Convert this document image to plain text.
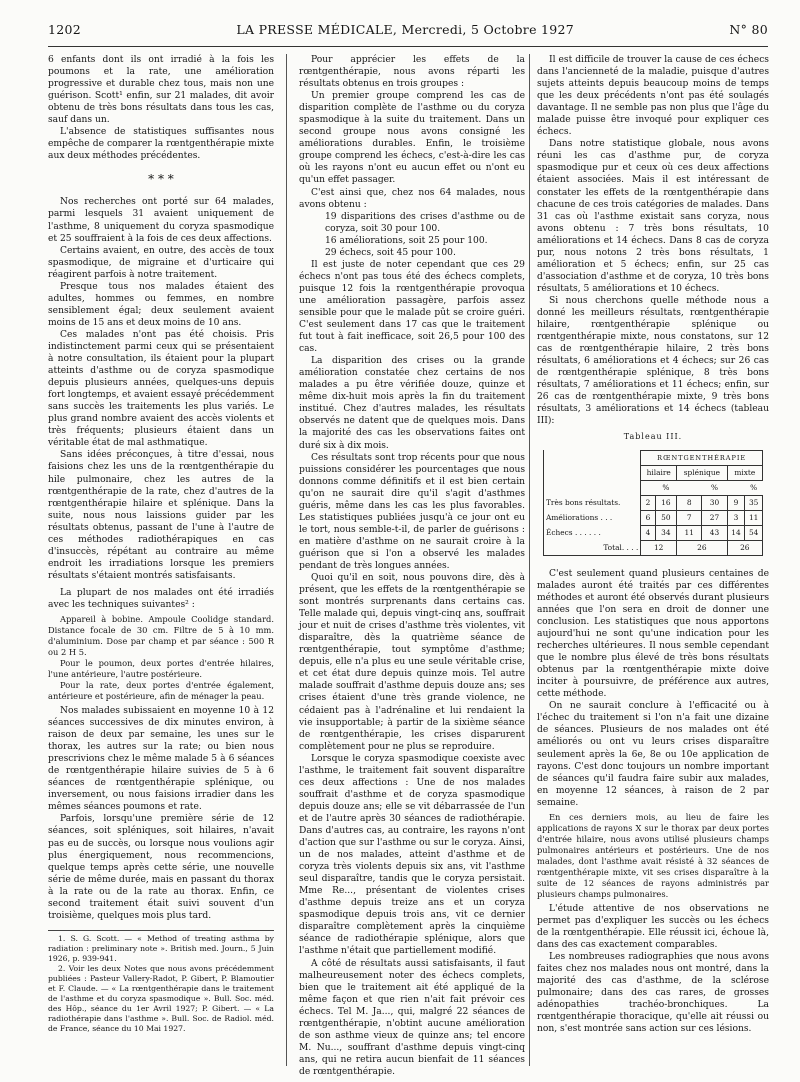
1202	LA PRESSE MÉDICALE, Mercredi, 5 Octobre 1927	N° 80

6 enfants dont ils ont irradié à la fois les poumons et la rate, une amélioration progressive et durable chez tous, mais non une guérison. Scott¹ enfin, sur 21 malades, dit avoir obtenu de très bons résultats dans tous les cas, sauf dans un.

L'absence de statistiques suffisantes nous empêche de comparer la rœntgenthérapie mixte aux deux méthodes précédentes.

* * *

Nos recherches ont porté sur 64 malades, parmi lesquels 31 avaient uniquement de l'asthme, 8 uniquement du coryza spasmodique et 25 souffraient à la fois de ces deux affections.

Certains avaient, en outre, des accès de toux spasmodique, de migraine et d'urticaire qui réagirent parfois à notre traitement.

Presque tous nos malades étaient des adultes, hommes ou femmes, en nombre sensiblement égal; deux seulement avaient moins de 15 ans et deux moins de 10 ans.

Ces malades n'ont pas été choisis. Pris indistinctement parmi ceux qui se présentaient à notre consultation, ils étaient pour la plupart atteints d'asthme ou de coryza spasmodique depuis plusieurs années, quelques-uns depuis fort longtemps, et avaient essayé précédemment sans succès les traitements les plus variés. Le plus grand nombre avaient des accès violents et très fréquents; plusieurs étaient dans un véritable état de mal asthmatique.

Sans idées préconçues, à titre d'essai, nous faisions chez les uns de la rœntgenthérapie du hile pulmonaire, chez les autres de la rœntgenthérapie de la rate, chez d'autres de la rœntgenthérapie hilaire et splénique. Dans la suite, nous nous laissions guider par les résultats obtenus, passant de l'une à l'autre de ces méthodes radiothérapiques en cas d'insuccès, répétant au contraire au même endroit les irradiations lorsque les premiers résultats s'étaient montrés satisfaisants.

La plupart de nos malades ont été irradiés avec les techniques suivantes² :

Appareil à bobine. Ampoule Coolidge standard. Distance focale de 30 cm. Filtre de 5 à 10 mm. d'aluminium. Dose par champ et par séance : 500 R ou 2 H 5.

Pour le poumon, deux portes d'entrée hilaires, l'une antérieure, l'autre postérieure.

Pour la rate, deux portes d'entrée également, antérieure et postérieure, afin de ménager la peau.

Nos malades subissaient en moyenne 10 à 12 séances successives de dix minutes environ, à raison de deux par semaine, les unes sur le thorax, les autres sur la rate; ou bien nous prescrivions chez le même malade 5 à 6 séances de rœntgenthérapie hilaire suivies de 5 à 6 séances de rœntgenthérapie splénique, ou inversement, ou nous faisions irradier dans les mêmes séances poumons et rate.

Parfois, lorsqu'une première série de 12 séances, soit spléniques, soit hilaires, n'avait pas eu de succès, ou lorsque nous voulions agir plus énergiquement, nous recommencions, quelque temps après cette série, une nouvelle série de même durée, mais en passant du thorax à la rate ou de la rate au thorax. Enfin, ce second traitement était suivi souvent d'un troisième, quelques mois plus tard.

1. S. G. Scott. — « Method of treating asthma by radiation : preliminary note ». British med. Journ., 5 Juin 1926, p. 939-941.

2. Voir les deux Notes que nous avons précédemment publiées : Pasteur Vallery-Radot, P. Gibert, P. Blamoutier et F. Claude. — « La rœntgenthérapie dans le traitement de l'asthme et du coryza spasmodique ». Bull. Soc. méd. des Hôp., séance du 1er Avril 1927; P. Gibert. — « La radiothérapie dans l'asthme ». Bull. Soc. de Radiol. méd. de France, séance du 10 Mai 1927.

Pour apprécier les effets de la rœntgenthérapie, nous avons réparti les résultats obtenus en trois groupes :

Un premier groupe comprend les cas de disparition complète de l'asthme ou du coryza spasmodique à la suite du traitement. Dans un second groupe nous avons consigné les améliorations durables. Enfin, le troisième groupe comprend les échecs, c'est-à-dire les cas où les rayons n'ont eu aucun effet ou n'ont eu qu'un effet passager.

C'est ainsi que, chez nos 64 malades, nous avons obtenu :

19 disparitions des crises d'asthme ou de coryza, soit 30 pour 100.

16 améliorations, soit 25 pour 100.

29 échecs, soit 45 pour 100.

Il est juste de noter cependant que ces 29 échecs n'ont pas tous été des échecs complets, puisque 12 fois la rœntgenthérapie provoqua une amélioration passagère, parfois assez sensible pour que le malade pût se croire guéri. C'est seulement dans 17 cas que le traitement fut tout à fait inefficace, soit 26,5 pour 100 des cas.

La disparition des crises ou la grande amélioration constatée chez certains de nos malades a pu être vérifiée douze, quinze et même dix-huit mois après la fin du traitement institué. Chez d'autres malades, les résultats observés ne datent que de quelques mois. Dans la majorité des cas les observations faites ont duré six à dix mois.

Ces résultats sont trop récents pour que nous puissions considérer les pourcentages que nous donnons comme définitifs et il est bien certain qu'on ne saurait dire qu'il s'agit d'asthmes guéris, même dans les cas les plus favorables. Les statistiques publiées jusqu'à ce jour ont eu le tort, nous semble-t-il, de parler de guérisons : en matière d'asthme on ne saurait croire à la guérison que si l'on a observé les malades pendant de très longues années.

Quoi qu'il en soit, nous pouvons dire, dès à présent, que les effets de la rœntgenthérapie se sont montrés surprenants dans certains cas. Telle malade qui, depuis vingt-cinq ans, souffrait jour et nuit de crises d'asthme très violentes, vit disparaître, dès la quatrième séance de rœntgenthérapie, tout symptôme d'asthme; depuis, elle n'a plus eu une seule véritable crise, et cet état dure depuis quinze mois. Tel autre malade souffrait d'asthme depuis douze ans; ses crises étaient d'une très grande violence, ne cédaient pas à l'adrénaline et lui rendaient la vie insupportable; à partir de la sixième séance de rœntgenthérapie, les crises disparurent complètement pour ne plus se reproduire.

Lorsque le coryza spasmodique coexiste avec l'asthme, le traitement fait souvent disparaître ces deux affections : Une de nos malades souffrait d'asthme et de coryza spasmodique depuis douze ans; elle se vit débarrassée de l'un et de l'autre après 30 séances de radiothérapie. Dans d'autres cas, au contraire, les rayons n'ont d'action que sur l'asthme ou sur le coryza. Ainsi, un de nos malades, atteint d'asthme et de coryza très violents depuis six ans, vit l'asthme seul disparaître, tandis que le coryza persistait. Mme Re..., présentant de violentes crises d'asthme depuis treize ans et un coryza spasmodique depuis trois ans, vit ce dernier disparaître complètement après la cinquième séance de radiothérapie splénique, alors que l'asthme n'était que partiellement modifié.

A côté de résultats aussi satisfaisants, il faut malheureusement noter des échecs complets, bien que le traitement ait été appliqué de la même façon et que rien n'ait fait prévoir ces échecs. Tel M. Ja..., qui, malgré 22 séances de rœntgenthérapie, n'obtint aucune amélioration de son asthme vieux de quinze ans; tel encore M. Nu..., souffrant d'asthme depuis vingt-cinq ans, qui ne retira aucun bienfait de 11 séances de rœntgenthérapie.

Il est difficile de trouver la cause de ces échecs dans l'ancienneté de la maladie, puisque d'autres sujets atteints depuis beaucoup moins de temps que les deux précédents n'ont pas été soulagés davantage. Il ne semble pas non plus que l'âge du malade puisse être invoqué pour expliquer ces échecs.

Dans notre statistique globale, nous avons réuni les cas d'asthme pur, de coryza spasmodique pur et ceux où ces deux affections étaient associées. Mais il est intéressant de constater les effets de la rœntgenthérapie dans chacune de ces trois catégories de malades. Dans 31 cas où l'asthme existait sans coryza, nous avons obtenu : 7 très bons résultats, 10 améliorations et 14 échecs. Dans 8 cas de coryza pur, nous notons 2 très bons résultats, 1 amélioration et 5 échecs; enfin, sur 25 cas d'association d'asthme et de coryza, 10 très bons résultats, 5 améliorations et 10 échecs.

Si nous cherchons quelle méthode nous a donné les meilleurs résultats, rœntgenthérapie hilaire, rœntgenthérapie splénique ou rœntgenthérapie mixte, nous constatons, sur 12 cas de rœntgenthérapie hilaire, 2 très bons résultats, 6 améliorations et 4 échecs; sur 26 cas de rœntgenthérapie splénique, 8 très bons résultats, 7 améliorations et 11 échecs; enfin, sur 26 cas de rœntgenthérapie mixte, 9 très bons résultats, 3 améliorations et 14 échecs (tableau III):

Tableau III.
	RŒNTGENTHÉRAPIE					
	hilaire		splénique		mixte	
		%		%		%
Très bons résultats.	2	16	8	30	9	35
Améliorations . . .	6	50	7	27	3	11
Échecs . . . . . .	4	34	11	43	14	54
Total. . . .	12		26		26	

C'est seulement quand plusieurs centaines de malades auront été traités par ces différentes méthodes et auront été observés durant plusieurs années que l'on sera en droit de donner une conclusion. Les statistiques que nous apportons aujourd'hui ne sont qu'une indication pour les recherches ultérieures. Il nous semble cependant que le nombre plus élevé de très bons résultats obtenus par la rœntgenthérapie mixte doive inciter à poursuivre, de préférence aux autres, cette méthode.

On ne saurait conclure à l'efficacité ou à l'échec du traitement si l'on n'a fait une dizaine de séances. Plusieurs de nos malades ont été améliorés ou ont vu leurs crises disparaître seulement après la 6e, 8e ou 10e application de rayons. C'est donc toujours un nombre important de séances qu'il faudra faire subir aux malades, en moyenne 12 séances, à raison de 2 par semaine.

En ces derniers mois, au lieu de faire les applications de rayons X sur le thorax par deux portes d'entrée hilaire, nous avons utilisé plusieurs champs pulmonaires antérieurs et postérieurs. Une de nos malades, dont l'asthme avait résisté à 32 séances de rœntgenthérapie mixte, vit ses crises disparaître à la suite de 12 séances de rayons administrés par plusieurs champs pulmonaires.

L'étude attentive de nos observations ne permet pas d'expliquer les succès ou les échecs de la rœntgenthérapie. Elle réussit ici, échoue là, dans des cas exactement comparables.

Les nombreuses radiographies que nous avons faites chez nos malades nous ont montré, dans la majorité des cas d'asthme, de la sclérose pulmonaire; dans des cas rares, de grosses adénopathies trachéo-bronchiques. La rœntgenthérapie thoracique, qu'elle ait réussi ou non, s'est montrée sans action sur ces lésions.
